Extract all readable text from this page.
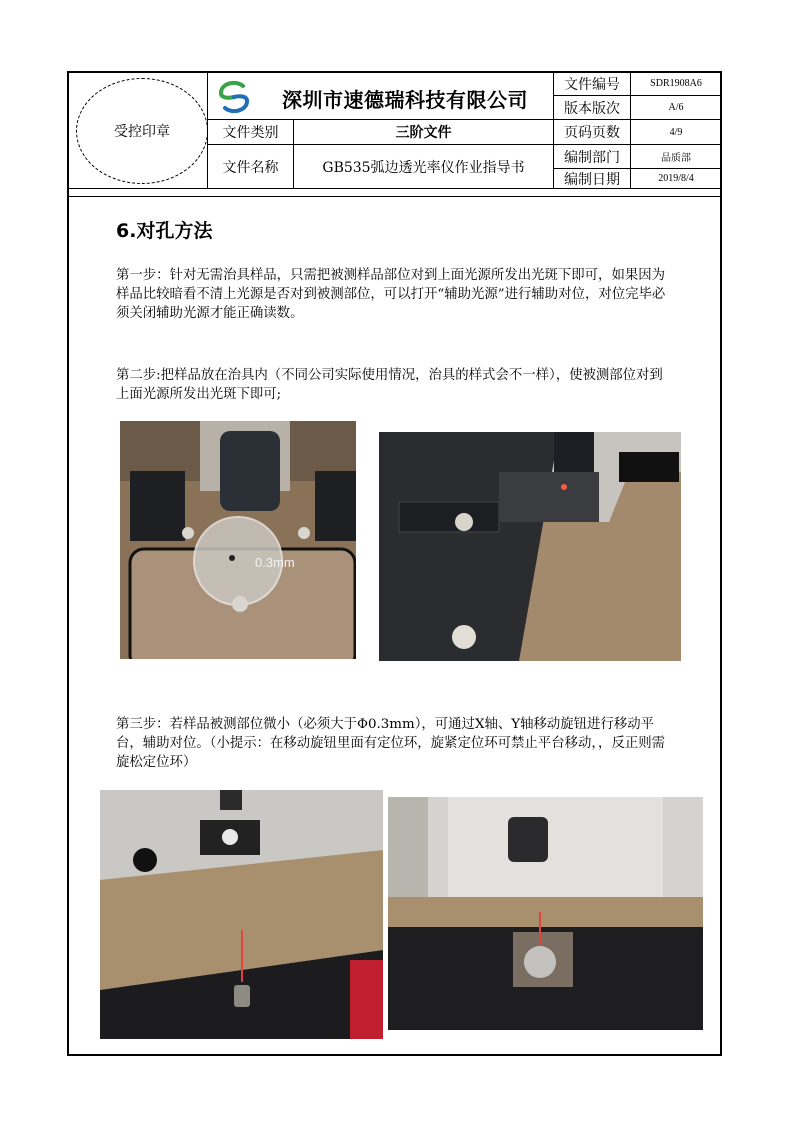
受控印章
深圳市速德瑞科技有限公司
文件类别	三阶文件
文件名称	GB535弧边透光率仪作业指导书
文件编号	SDR1908A6
版本版次	A/6
页码页数	4/9
编制部门	品质部
编制日期	2019/8/4
6.对孔方法
第一步：针对无需治具样品，只需把被测样品部位对到上面光源所发出光斑下即可，如果因为样品比较暗看不清上光源是否对到被测部位，可以打开“辅助光源”进行辅助对位，对位完毕必须关闭辅助光源才能正确读数。
第二步:把样品放在治具内（不同公司实际使用情况，治具的样式会不一样），使被测部位对到上面光源所发出光斑下即可;
0.3mm
第三步：若样品被测部位微小（必须大于Φ0.3mm），可通过X轴、Y轴移动旋钮进行移动平台，辅助对位。（小提示：在移动旋钮里面有定位环，旋紧定位环可禁止平台移动，，反正则需旋松定位环）
